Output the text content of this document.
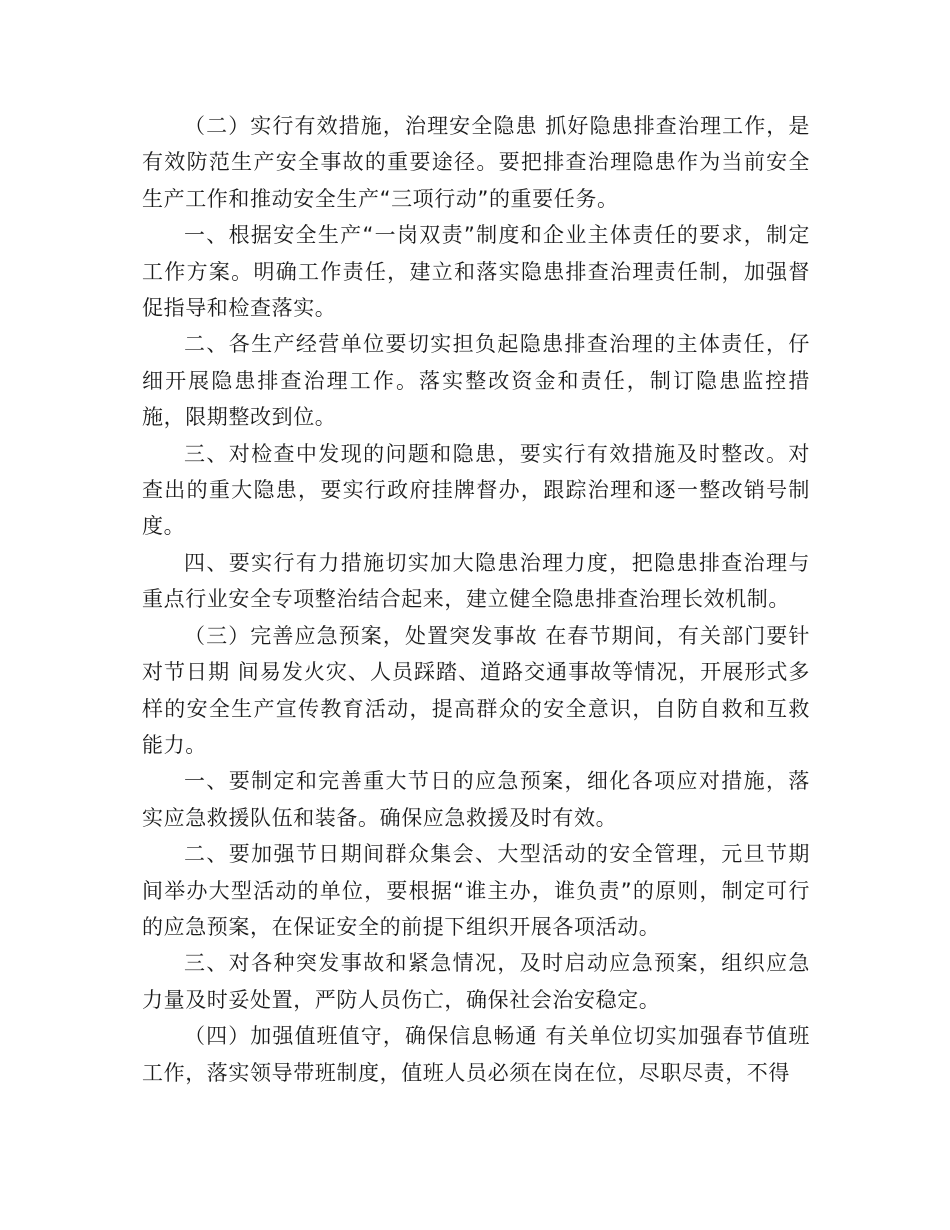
（二）实行有效措施，治理安全隐患 抓好隐患排查治理工作，是有效防范生产安全事故的重要途径。要把排查治理隐患作为当前安全生产工作和推动安全生产“三项行动”的重要任务。

一、根据安全生产“一岗双责”制度和企业主体责任的要求，制定工作方案。明确工作责任，建立和落实隐患排查治理责任制，加强督促指导和检查落实。

二、各生产经营单位要切实担负起隐患排查治理的主体责任，仔细开展隐患排查治理工作。落实整改资金和责任，制订隐患监控措施，限期整改到位。

三、对检查中发现的问题和隐患，要实行有效措施及时整改。对查出的重大隐患，要实行政府挂牌督办，跟踪治理和逐一整改销号制度。

四、要实行有力措施切实加大隐患治理力度，把隐患排查治理与重点行业安全专项整治结合起来，建立健全隐患排查治理长效机制。

（三）完善应急预案，处置突发事故 在春节期间，有关部门要针对节日期 间易发火灾、人员踩踏、道路交通事故等情况，开展形式多样的安全生产宣传教育活动，提高群众的安全意识，自防自救和互救能力。

一、要制定和完善重大节日的应急预案，细化各项应对措施，落实应急救援队伍和装备。确保应急救援及时有效。

二、要加强节日期间群众集会、大型活动的安全管理，元旦节期间举办大型活动的单位，要根据“谁主办，谁负责”的原则，制定可行的应急预案，在保证安全的前提下组织开展各项活动。

三、对各种突发事故和紧急情况，及时启动应急预案，组织应急力量及时妥处置，严防人员伤亡，确保社会治安稳定。

（四）加强值班值守，确保信息畅通 有关单位切实加强春节值班工作，落实领导带班制度，值班人员必须在岗在位，尽职尽责，不得
